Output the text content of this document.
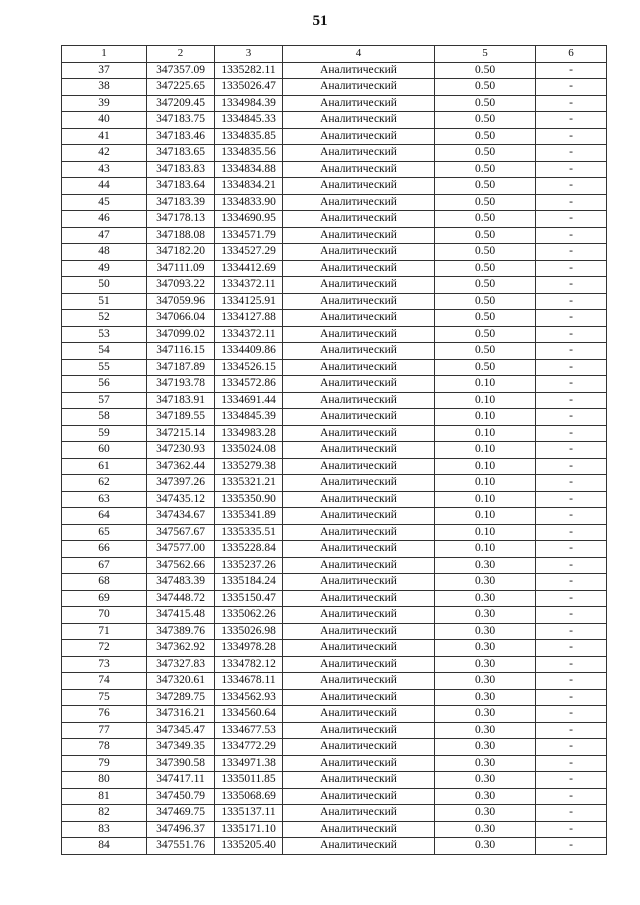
51
1	2	3	4	5	6
37	347357.09	1335282.11	Аналитический	0.50	-
38	347225.65	1335026.47	Аналитический	0.50	-
39	347209.45	1334984.39	Аналитический	0.50	-
40	347183.75	1334845.33	Аналитический	0.50	-
41	347183.46	1334835.85	Аналитический	0.50	-
42	347183.65	1334835.56	Аналитический	0.50	-
43	347183.83	1334834.88	Аналитический	0.50	-
44	347183.64	1334834.21	Аналитический	0.50	-
45	347183.39	1334833.90	Аналитический	0.50	-
46	347178.13	1334690.95	Аналитический	0.50	-
47	347188.08	1334571.79	Аналитический	0.50	-
48	347182.20	1334527.29	Аналитический	0.50	-
49	347111.09	1334412.69	Аналитический	0.50	-
50	347093.22	1334372.11	Аналитический	0.50	-
51	347059.96	1334125.91	Аналитический	0.50	-
52	347066.04	1334127.88	Аналитический	0.50	-
53	347099.02	1334372.11	Аналитический	0.50	-
54	347116.15	1334409.86	Аналитический	0.50	-
55	347187.89	1334526.15	Аналитический	0.50	-
56	347193.78	1334572.86	Аналитический	0.10	-
57	347183.91	1334691.44	Аналитический	0.10	-
58	347189.55	1334845.39	Аналитический	0.10	-
59	347215.14	1334983.28	Аналитический	0.10	-
60	347230.93	1335024.08	Аналитический	0.10	-
61	347362.44	1335279.38	Аналитический	0.10	-
62	347397.26	1335321.21	Аналитический	0.10	-
63	347435.12	1335350.90	Аналитический	0.10	-
64	347434.67	1335341.89	Аналитический	0.10	-
65	347567.67	1335335.51	Аналитический	0.10	-
66	347577.00	1335228.84	Аналитический	0.10	-
67	347562.66	1335237.26	Аналитический	0.30	-
68	347483.39	1335184.24	Аналитический	0.30	-
69	347448.72	1335150.47	Аналитический	0.30	-
70	347415.48	1335062.26	Аналитический	0.30	-
71	347389.76	1335026.98	Аналитический	0.30	-
72	347362.92	1334978.28	Аналитический	0.30	-
73	347327.83	1334782.12	Аналитический	0.30	-
74	347320.61	1334678.11	Аналитический	0.30	-
75	347289.75	1334562.93	Аналитический	0.30	-
76	347316.21	1334560.64	Аналитический	0.30	-
77	347345.47	1334677.53	Аналитический	0.30	-
78	347349.35	1334772.29	Аналитический	0.30	-
79	347390.58	1334971.38	Аналитический	0.30	-
80	347417.11	1335011.85	Аналитический	0.30	-
81	347450.79	1335068.69	Аналитический	0.30	-
82	347469.75	1335137.11	Аналитический	0.30	-
83	347496.37	1335171.10	Аналитический	0.30	-
84	347551.76	1335205.40	Аналитический	0.30	-
